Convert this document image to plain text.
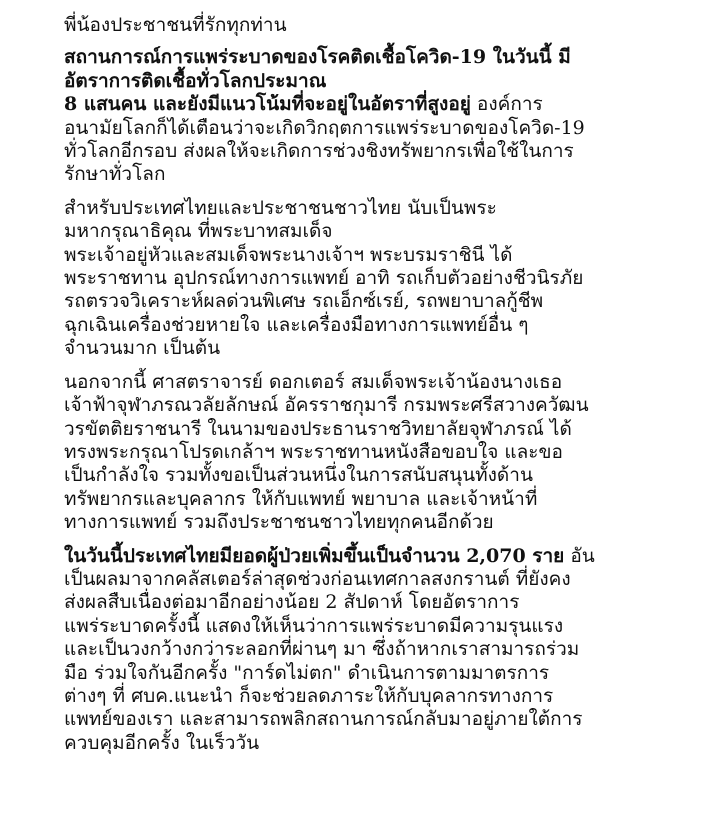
พี่น้องประชาชนที่รักทุกท่าน
สถานการณ์การแพร่ระบาดของโรคติดเชื้อโควิด-19 ในวันนี้ มี
อัตราการติดเชื้อทั่วโลกประมาณ
8 แสนคน และยังมีแนวโน้มที่จะอยู่ในอัตราที่สูงอยู่ องค์การ
อนามัยโลกก็ได้เตือนว่าจะเกิดวิกฤตการแพร่ระบาดของโควิด-19
ทั่วโลกอีกรอบ ส่งผลให้จะเกิดการช่วงชิงทรัพยากรเพื่อใช้ในการ
รักษาทั่วโลก
สำหรับประเทศไทยและประชาชนชาวไทย นับเป็นพระ
มหากรุณาธิคุณ ที่พระบาทสมเด็จ
พระเจ้าอยู่หัวและสมเด็จพระนางเจ้าฯ พระบรมราชินี ได้
พระราชทาน อุปกรณ์ทางการแพทย์ อาทิ รถเก็บตัวอย่างชีวนิรภัย
รถตรวจวิเคราะห์ผลด่วนพิเศษ รถเอ็กซ์เรย์, รถพยาบาลกู้ชีพ
ฉุกเฉินเครื่องช่วยหายใจ และเครื่องมือทางการแพทย์อื่น ๆ
จำนวนมาก เป็นต้น
นอกจากนี้ ศาสตราจารย์ ดอกเตอร์ สมเด็จพระเจ้าน้องนางเธอ
เจ้าฟ้าจุฬาภรณวลัยลักษณ์ อัครราชกุมารี กรมพระศรีสวางควัฒน
วรขัตติยราชนารี ในนามของประธานราชวิทยาลัยจุฬาภรณ์ ได้
ทรงพระกรุณาโปรดเกล้าฯ พระราชทานหนังสือขอบใจ และขอ
เป็นกำลังใจ รวมทั้งขอเป็นส่วนหนึ่งในการสนับสนุนทั้งด้าน
ทรัพยากรและบุคลากร ให้กับแพทย์ พยาบาล และเจ้าหน้าที่
ทางการแพทย์ รวมถึงประชาชนชาวไทยทุกคนอีกด้วย
ในวันนี้ประเทศไทยมียอดผู้ป่วยเพิ่มขึ้นเป็นจำนวน 2,070 ราย อัน
เป็นผลมาจากคลัสเตอร์ล่าสุดช่วงก่อนเทศกาลสงกรานต์ ที่ยังคง
ส่งผลสืบเนื่องต่อมาอีกอย่างน้อย 2 สัปดาห์ โดยอัตราการ
แพร่ระบาดครั้งนี้ แสดงให้เห็นว่าการแพร่ระบาดมีความรุนแรง
และเป็นวงกว้างกว่าระลอกที่ผ่านๆ มา ซึ่งถ้าหากเราสามารถร่วม
มือ ร่วมใจกันอีกครั้ง "การ์ดไม่ตก" ดำเนินการตามมาตรการ
ต่างๆ ที่ ศบค.แนะนำ ก็จะช่วยลดภาระให้กับบุคลากรทางการ
แพทย์ของเรา และสามารถพลิกสถานการณ์กลับมาอยู่ภายใต้การ
ควบคุมอีกครั้ง ในเร็ววัน
